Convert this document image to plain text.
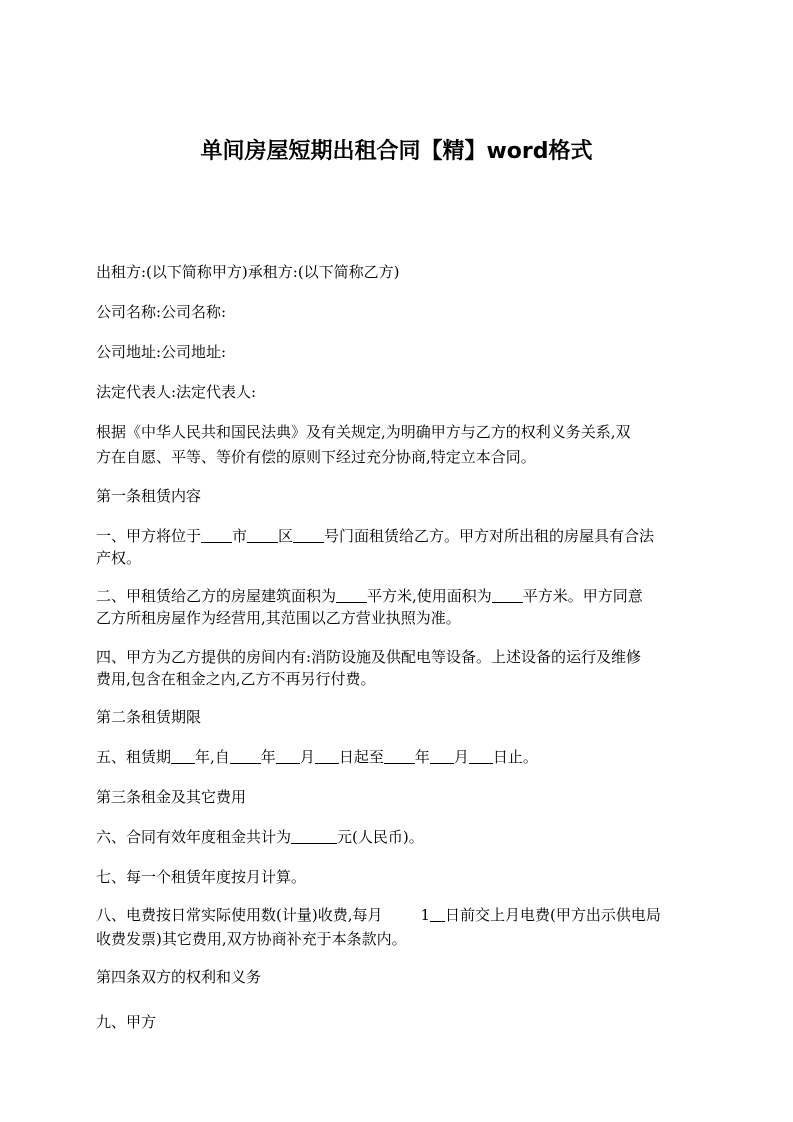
单间房屋短期出租合同【精】word格式
出租方:(以下简称甲方)承租方:(以下简称乙方)
公司名称:公司名称:
公司地址:公司地址:
法定代表人:法定代表人:
根据《中华人民共和国民法典》及有关规定,为明确甲方与乙方的权利义务关系,双
方在自愿、平等、等价有偿的原则下经过充分协商,特定立本合同。
第一条租赁内容
一、甲方将位于 市 区 号门面租赁给乙方。甲方对所出租的房屋具有合法
产权。
二、甲租赁给乙方的房屋建筑面积为 平方米,使用面积为 平方米。甲方同意
乙方所租房屋作为经营用,其范围以乙方营业执照为准。
四、甲方为乙方提供的房间内有:消防设施及供配电等设备。上述设备的运行及维修
费用,包含在租金之内,乙方不再另行付费。
第二条租赁期限
五、租赁期 年,自 年 月 日起至 年 月 日止。
第三条租金及其它费用
六、合同有效年度租金共计为	元(人民币)。
七、每一个租赁年度按月计算。
八、电费按日常实际使用数(计量)收费,每月	1 日前交上月电费(甲方出示供电局
收费发票)其它费用,双方协商补充于本条款内。
第四条双方的权利和义务
九、甲方
